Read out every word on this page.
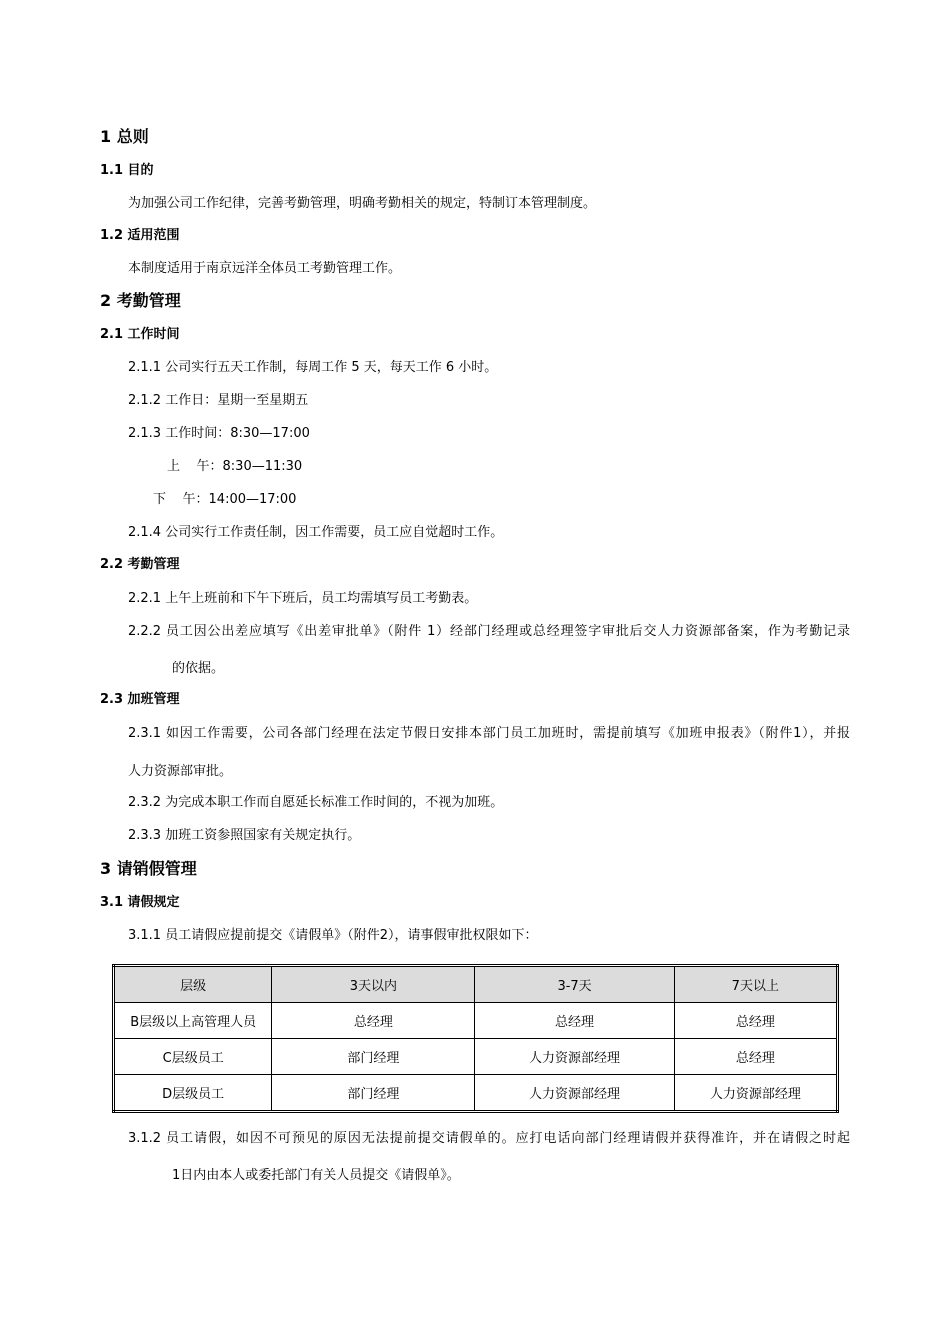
1 总则
1.1 目的
为加强公司工作纪律，完善考勤管理，明确考勤相关的规定，特制订本管理制度。
1.2 适用范围
本制度适用于南京远洋全体员工考勤管理工作。
2 考勤管理
2.1 工作时间
2.1.1 公司实行五天工作制，每周工作 5 天，每天工作 6 小时。
2.1.2 工作日：星期一至星期五
2.1.3 工作时间：8:30—17:00
上    午：8:30—11:30
下    午：14:00—17:00
2.1.4 公司实行工作责任制，因工作需要，员工应自觉超时工作。
2.2 考勤管理
2.2.1 上午上班前和下午下班后，员工均需填写员工考勤表。
2.2.2 员工因公出差应填写《出差审批单》（附件 1）经部门经理或总经理签字审批后交人力资源部备案，作为考勤记录
的依据。
2.3 加班管理
2.3.1 如因工作需要，公司各部门经理在法定节假日安排本部门员工加班时，需提前填写《加班申报表》（附件1），并报
人力资源部审批。
2.3.2 为完成本职工作而自愿延长标准工作时间的，不视为加班。
2.3.3 加班工资参照国家有关规定执行。
3 请销假管理
3.1 请假规定
3.1.1 员工请假应提前提交《请假单》（附件2），请事假审批权限如下：
层级	3天以内	3-7天	7天以上
B层级以上高管理人员	总经理	总经理	总经理
C层级员工	部门经理	人力资源部经理	总经理
D层级员工	部门经理	人力资源部经理	人力资源部经理
3.1.2 员工请假，如因不可预见的原因无法提前提交请假单的。应打电话向部门经理请假并获得准许，并在请假之时起
1日内由本人或委托部门有关人员提交《请假单》。
